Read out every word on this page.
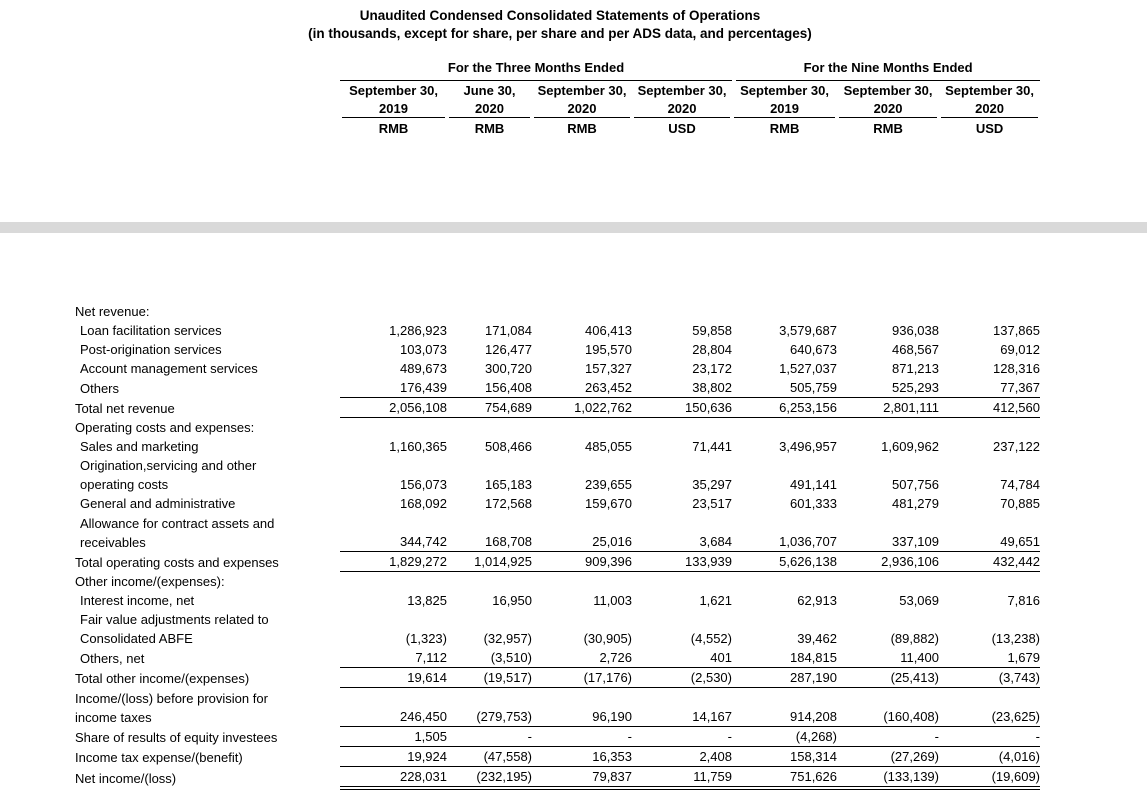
Unaudited Condensed Consolidated Statements of Operations
(in thousands, except for share, per share and per ADS data, and percentages)

	For the Three Months Ended				For the Nine Months Ended		

	September 30,	June 30,	September 30,	September 30,	September 30,	September 30,	September 30,

	2019	2020	2020	2020	2019	2020	2020

	RMB	RMB	RMB	USD	RMB	RMB	USD
Net revenue:							

Loan facilitation services	1,286,923	171,084	406,413	59,858	3,579,687	936,038	137,865

Post-origination services	103,073	126,477	195,570	28,804	640,673	468,567	69,012

Account management services	489,673	300,720	157,327	23,172	1,527,037	871,213	128,316

Others	176,439	156,408	263,452	38,802	505,759	525,293	77,367

Total net revenue	2,056,108	754,689	1,022,762	150,636	6,253,156	2,801,111	412,560

Operating costs and expenses:							

Sales and marketing	1,160,365	508,466	485,055	71,441	3,496,957	1,609,962	237,122

Origination,servicing and other
operating costs	156,073	165,183	239,655	35,297	491,141	507,756	74,784

General and administrative	168,092	172,568	159,670	23,517	601,333	481,279	70,885

Allowance for contract assets and
receivables	344,742	168,708	25,016	3,684	1,036,707	337,109	49,651

Total operating costs and expenses	1,829,272	1,014,925	909,396	133,939	5,626,138	2,936,106	432,442

Other income/(expenses):							

Interest income, net	13,825	16,950	11,003	1,621	62,913	53,069	7,816

Fair value adjustments related to
Consolidated ABFE	(1,323)	(32,957)	(30,905)	(4,552)	39,462	(89,882)	(13,238)

Others, net	7,112	(3,510)	2,726	401	184,815	11,400	1,679

Total other income/(expenses)	19,614	(19,517)	(17,176)	(2,530)	287,190	(25,413)	(3,743)

Income/(loss) before provision for
income taxes	246,450	(279,753)	96,190	14,167	914,208	(160,408)	(23,625)

Share of results of equity investees	1,505	-	-	-	(4,268)	-	-

Income tax expense/(benefit)	19,924	(47,558)	16,353	2,408	158,314	(27,269)	(4,016)

Net income/(loss)	228,031	(232,195)	79,837	11,759	751,626	(133,139)	(19,609)
